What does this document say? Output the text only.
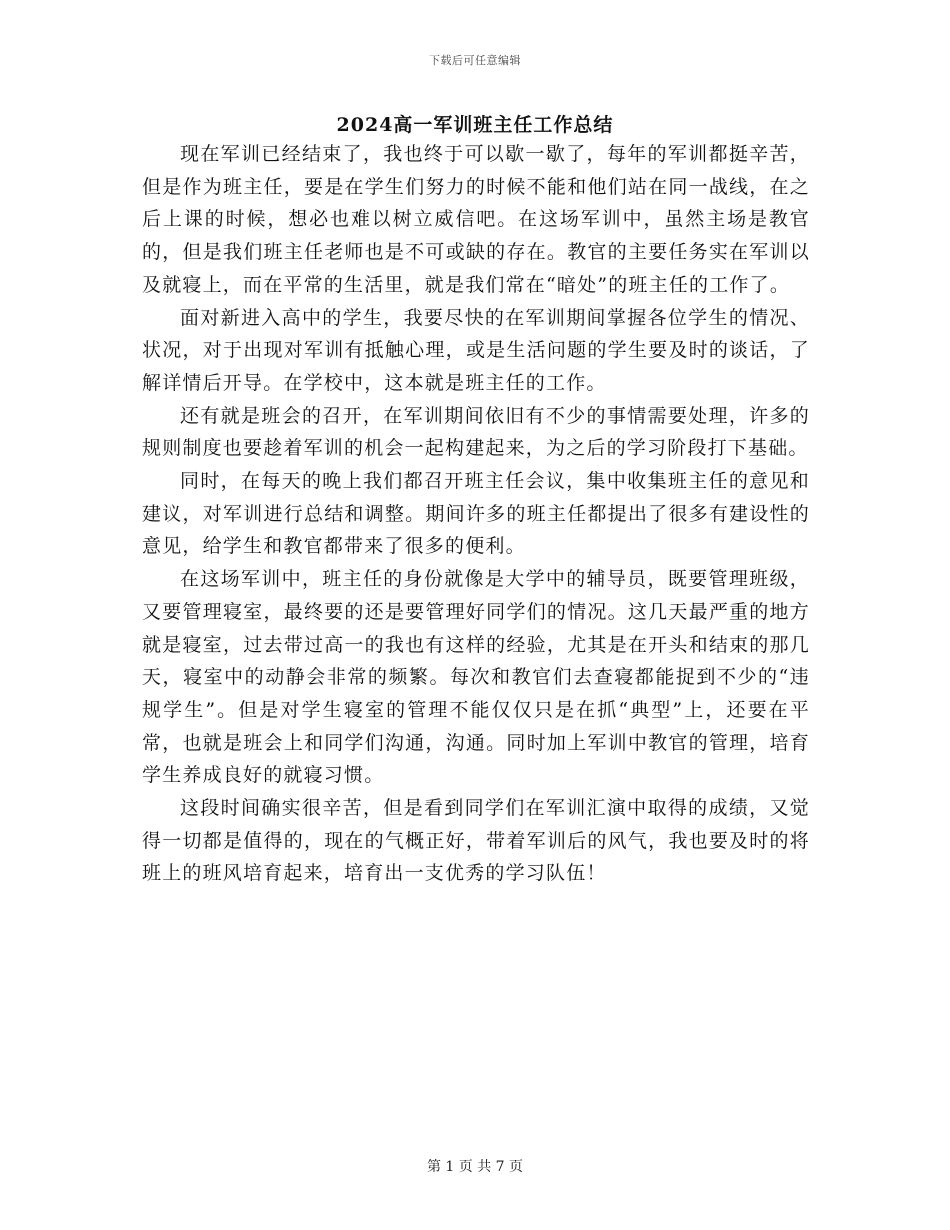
下载后可任意编辑
2024高一军训班主任工作总结

现在军训已经结束了，我也终于可以歇一歇了，每年的军训都挺辛苦，但是作为班主任，要是在学生们努力的时候不能和他们站在同一战线，在之后上课的时候，想必也难以树立威信吧。在这场军训中，虽然主场是教官的，但是我们班主任老师也是不可或缺的存在。教官的主要任务实在军训以及就寝上，而在平常的生活里，就是我们常在“暗处”的班主任的工作了。

面对新进入高中的学生，我要尽快的在军训期间掌握各位学生的情况、状况，对于出现对军训有抵触心理，或是生活问题的学生要及时的谈话，了解详情后开导。在学校中，这本就是班主任的工作。

还有就是班会的召开，在军训期间依旧有不少的事情需要处理，许多的规则制度也要趁着军训的机会一起构建起来，为之后的学习阶段打下基础。

同时，在每天的晚上我们都召开班主任会议，集中收集班主任的意见和建议，对军训进行总结和调整。期间许多的班主任都提出了很多有建设性的意见，给学生和教官都带来了很多的便利。

在这场军训中，班主任的身份就像是大学中的辅导员，既要管理班级，又要管理寝室，最终要的还是要管理好同学们的情况。这几天最严重的地方就是寝室，过去带过高一的我也有这样的经验，尤其是在开头和结束的那几天，寝室中的动静会非常的频繁。每次和教官们去查寝都能捉到不少的“违规学生”。但是对学生寝室的管理不能仅仅只是在抓“典型”上，还要在平常，也就是班会上和同学们沟通，沟通。同时加上军训中教官的管理，培育学生养成良好的就寝习惯。

这段时间确实很辛苦，但是看到同学们在军训汇演中取得的成绩，又觉得一切都是值得的，现在的气概正好，带着军训后的风气，我也要及时的将班上的班风培育起来，培育出一支优秀的学习队伍！

第 1 页 共 7 页
